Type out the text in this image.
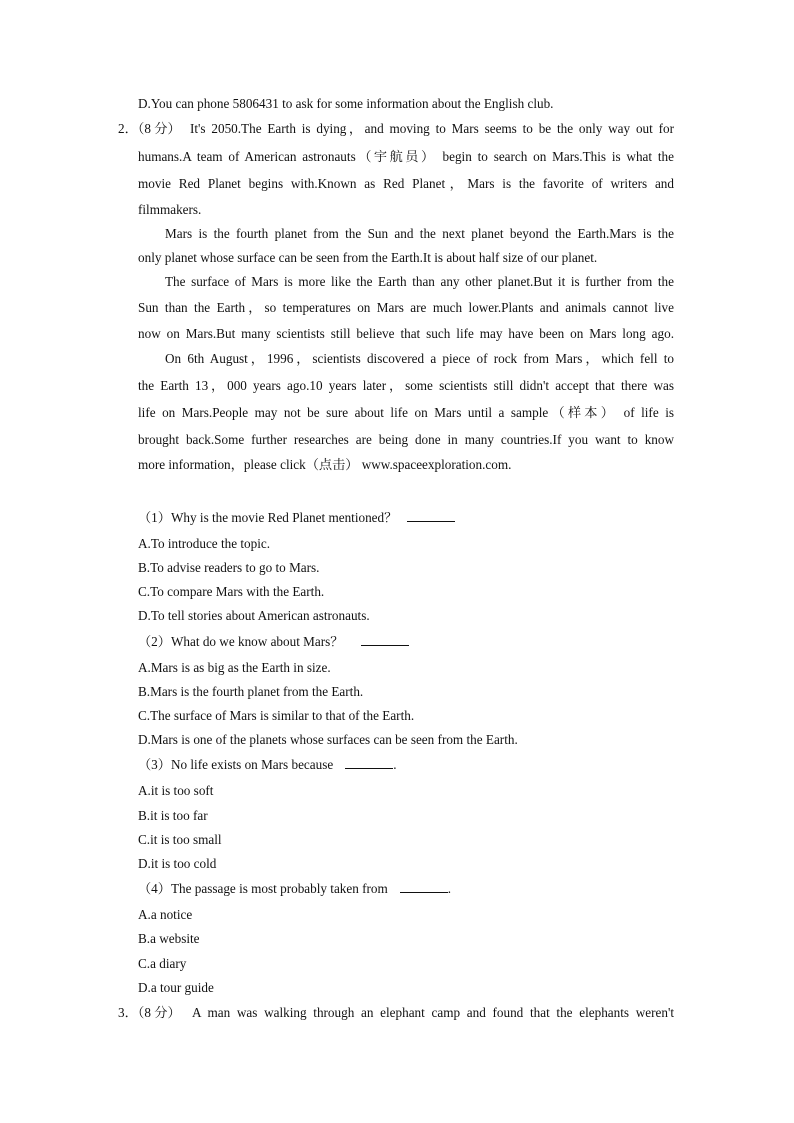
D.You can phone 5806431 to ask for some information about the English club.
2．（8 分） It's 2050.The Earth is dying，and moving to Mars seems to be the only way out for
humans.A team of American astronauts（宇航员） begin to search on Mars.This is what the
movie Red Planet begins with.Known as Red Planet，Mars is the favorite of writers and
filmmakers.
Mars is the fourth planet from the Sun and the next planet beyond the Earth.Mars is the
only planet whose surface can be seen from the Earth.It is about half size of our planet.
The surface of Mars is more like the Earth than any other planet.But it is further from the
Sun than the Earth，so temperatures on Mars are much lower.Plants and animals cannot live
now on Mars.But many scientists still believe that such life may have been on Mars long ago.
On 6th August，1996，scientists discovered a piece of rock from Mars，which fell to
the Earth 13，000 years ago.10 years later，some scientists still didn't accept that there was
life on Mars.People may not be sure about life on Mars until a sample（样本） of life is
brought back.Some further researches are being done in many countries.If you want to know
more information，please click（点击） www.spaceexploration.com.
（1）Why is the movie Red Planet mentioned？
A.To introduce the topic.
B.To advise readers to go to Mars.
C.To compare Mars with the Earth.
D.To tell stories about American astronauts.
（2）What do we know about Mars？
A.Mars is as big as the Earth in size.
B.Mars is the fourth planet from the Earth.
C.The surface of Mars is similar to that of the Earth.
D.Mars is one of the planets whose surfaces can be seen from the Earth.
（3）No life exists on Mars because	.
A.it is too soft
B.it is too far
C.it is too small
D.it is too cold
（4）The passage is most probably taken from	.
A.a notice
B.a website
C.a diary
D.a tour guide
3．（8 分） A man was walking through an elephant camp and found that the elephants weren't
